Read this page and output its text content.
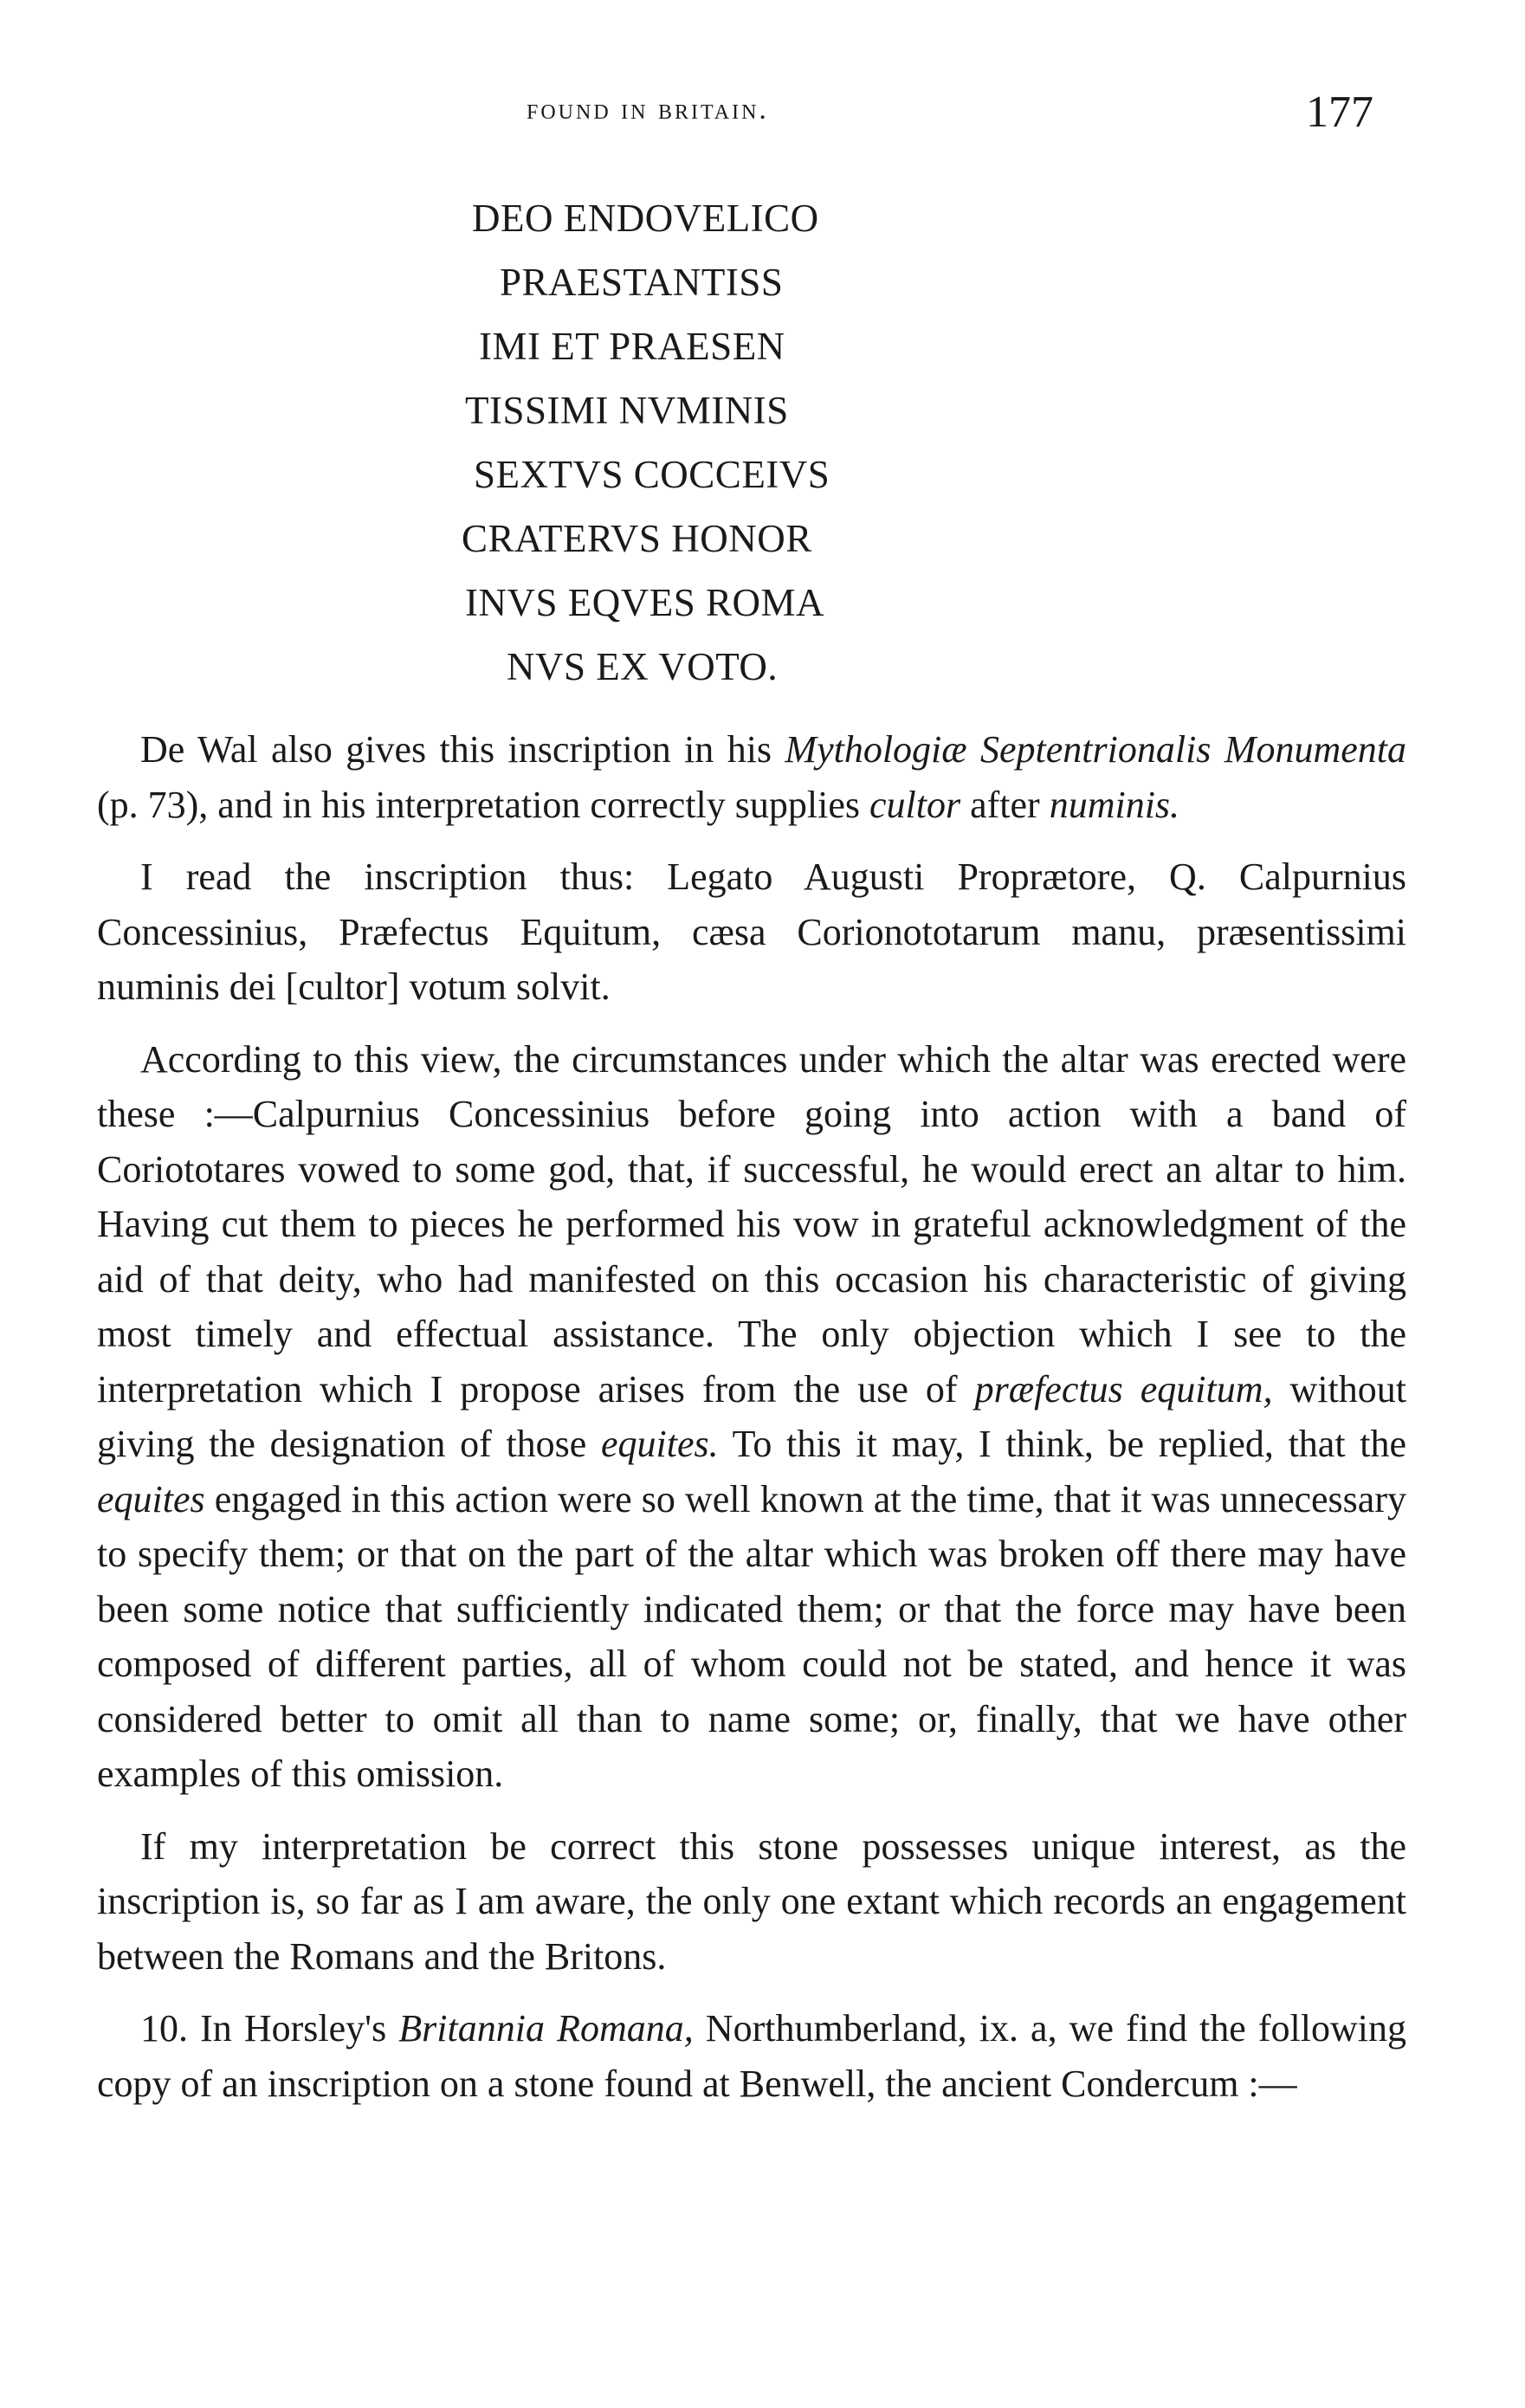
found in britain.	177
DEO ENDOVELICO
PRAESTANTISS
IMI ET PRAESEN
TISSIMI NVMINIS
SEXTVS COCCEIVS
CRATERVS HONOR
INVS EQVES ROMA
NVS EX VOTO.

De Wal also gives this inscription in his Mythologiæ Septentrionalis Monumenta (p. 73), and in his interpretation correctly supplies cultor after numinis.

I read the inscription thus: Legato Augusti Proprætore, Q. Calpurnius Concessinius, Præfectus Equitum, cæsa Corionototarum manu, præsentissimi numinis dei [cultor] votum solvit.

According to this view, the circumstances under which the altar was erected were these :—Calpurnius Concessinius before going into action with a band of Coriototares vowed to some god, that, if successful, he would erect an altar to him. Having cut them to pieces he performed his vow in grateful acknowledgment of the aid of that deity, who had manifested on this occasion his characteristic of giving most timely and effectual assistance. The only objection which I see to the interpretation which I propose arises from the use of præfectus equitum, without giving the designation of those equites. To this it may, I think, be replied, that the equites engaged in this action were so well known at the time, that it was unnecessary to specify them; or that on the part of the altar which was broken off there may have been some notice that sufficiently indicated them; or that the force may have been composed of different parties, all of whom could not be stated, and hence it was considered better to omit all than to name some; or, finally, that we have other examples of this omission.

If my interpretation be correct this stone possesses unique interest, as the inscription is, so far as I am aware, the only one extant which records an engagement between the Romans and the Britons.

10. In Horsley's Britannia Romana, Northumberland, ix. a, we find the following copy of an inscription on a stone found at Benwell, the ancient Condercum :—
